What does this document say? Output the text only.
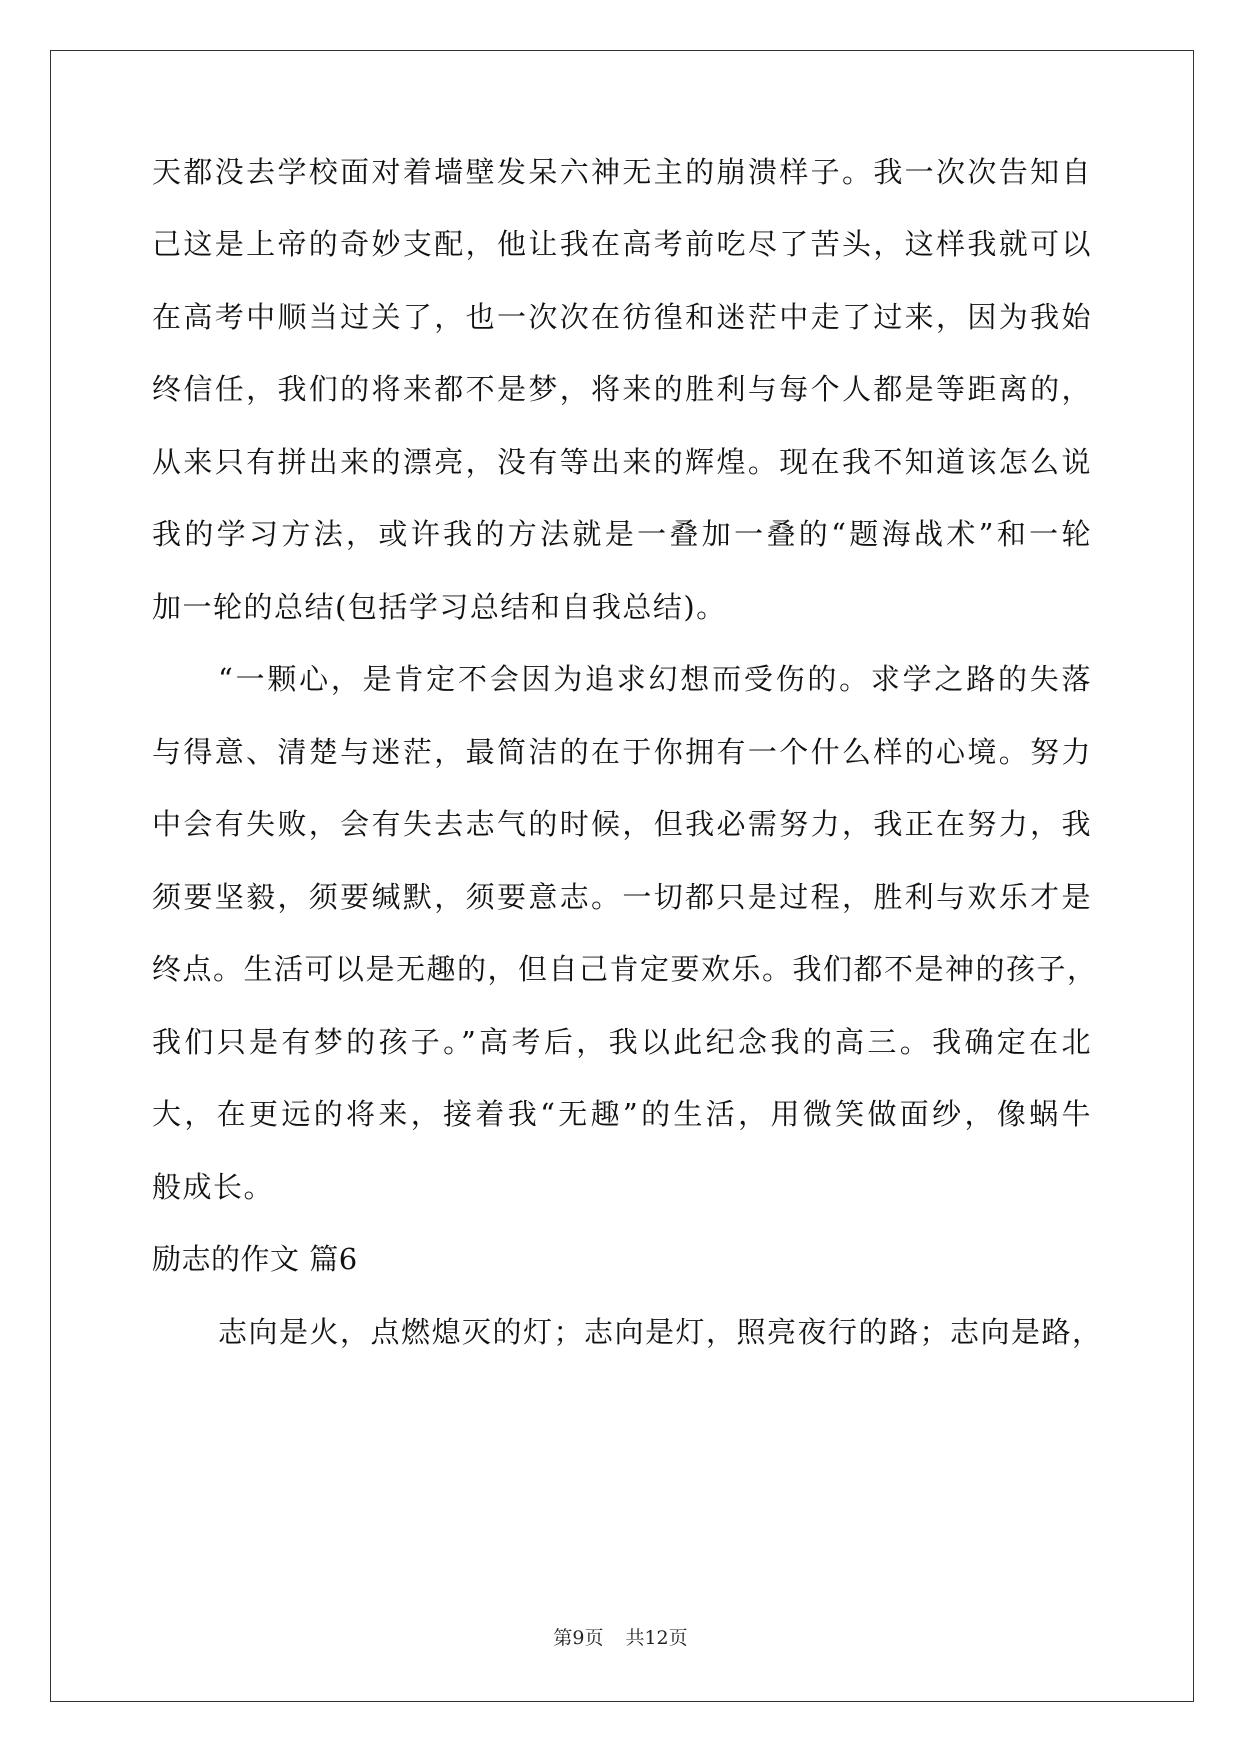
天都没去学校面对着墙壁发呆六神无主的崩溃样子。我一次次告知自
己这是上帝的奇妙支配，他让我在高考前吃尽了苦头，这样我就可以
在高考中顺当过关了，也一次次在彷徨和迷茫中走了过来，因为我始
终信任，我们的将来都不是梦，将来的胜利与每个人都是等距离的，
从来只有拼出来的漂亮，没有等出来的辉煌。现在我不知道该怎么说
我的学习方法，或许我的方法就是一叠加一叠的“题海战术”和一轮
加一轮的总结(包括学习总结和自我总结)。
“一颗心，是肯定不会因为追求幻想而受伤的。求学之路的失落
与得意、清楚与迷茫，最简洁的在于你拥有一个什么样的心境。努力
中会有失败，会有失去志气的时候，但我必需努力，我正在努力，我
须要坚毅，须要缄默，须要意志。一切都只是过程，胜利与欢乐才是
终点。生活可以是无趣的，但自己肯定要欢乐。我们都不是神的孩子，
我们只是有梦的孩子。”高考后，我以此纪念我的高三。我确定在北
大，在更远的将来，接着我“无趣”的生活，用微笑做面纱，像蜗牛
般成长。
励志的作文 篇6
志向是火，点燃熄灭的灯；志向是灯，照亮夜行的路；志向是路，
第9页 共12页
